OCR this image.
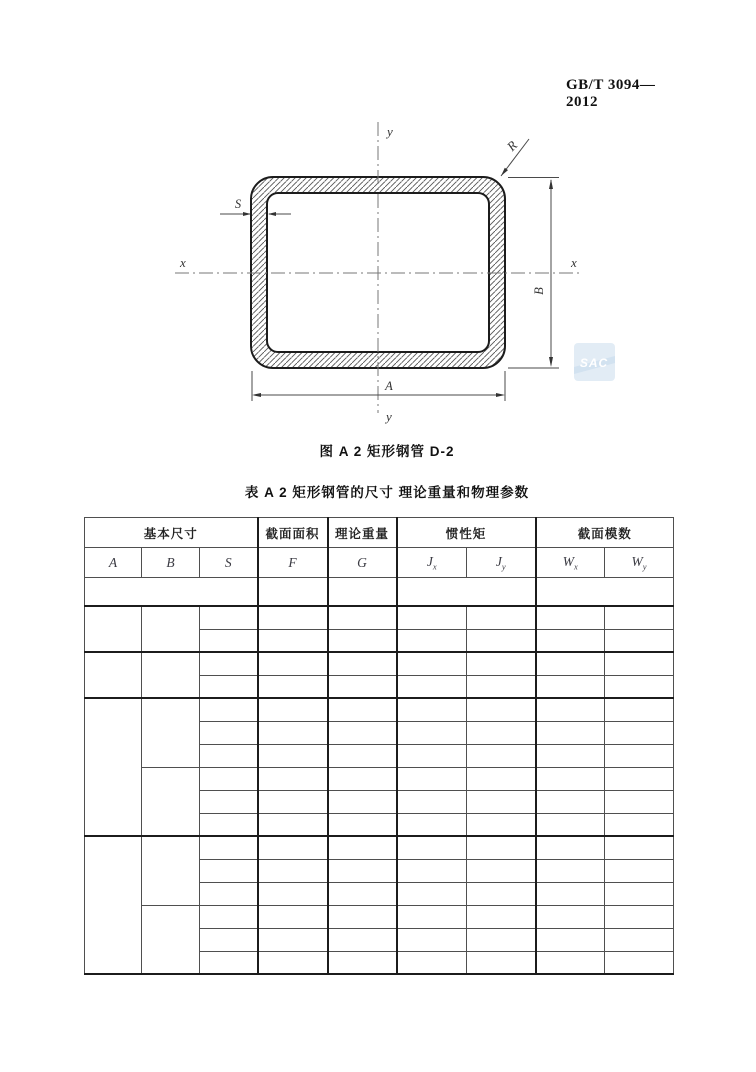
GB/T 3094—2012
y
y
x	x
R
S
B
A
SAC
图 A 2 矩形钢管 D-2
表 A 2 矩形钢管的尺寸 理论重量和物理参数
基本尺寸			截面面积	理论重量	惯性矩		截面模数	
A	B	S	F	G	$J_x$	$J_y$	$W_x$	$W_y$
